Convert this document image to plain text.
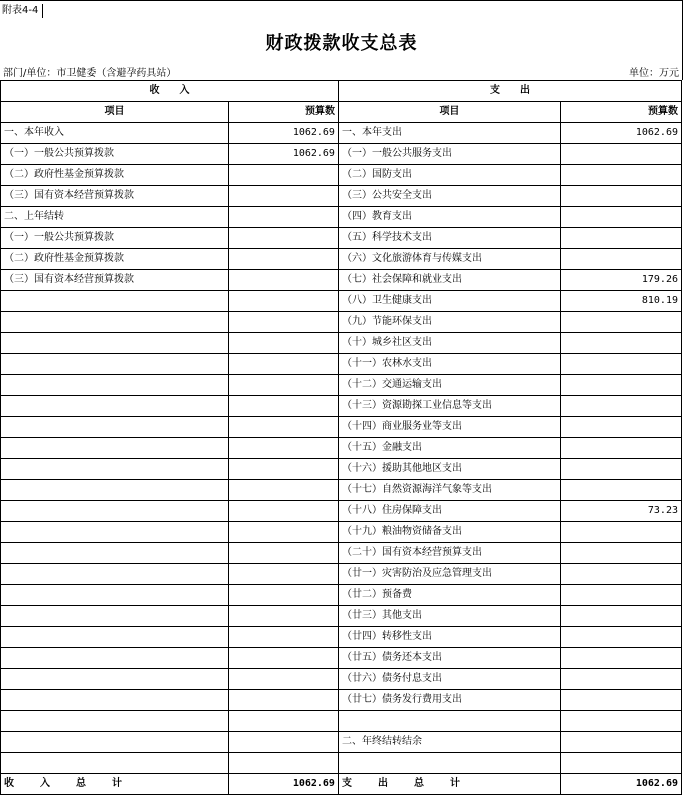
附表4-4
财政拨款收支总表
部门/单位：市卫健委（含避孕药具站）	单位：万元
收　　入		支　　出	
项目	预算数	项目	预算数
一、本年收入	1062.69	一、本年支出	1062.69
（一）一般公共预算拨款	1062.69	（一）一般公共服务支出	
（二）政府性基金预算拨款		（二）国防支出	
（三）国有资本经营预算拨款		（三）公共安全支出	
二、上年结转		（四）教育支出	
（一）一般公共预算拨款		（五）科学技术支出	
（二）政府性基金预算拨款		（六）文化旅游体育与传媒支出	
（三）国有资本经营预算拨款		（七）社会保障和就业支出	179.26
		（八）卫生健康支出	810.19
		（九）节能环保支出	
		（十）城乡社区支出	
		（十一）农林水支出	
		（十二）交通运输支出	
		（十三）资源勘探工业信息等支出	
		（十四）商业服务业等支出	
		（十五）金融支出	
		（十六）援助其他地区支出	
		（十七）自然资源海洋气象等支出	
		（十八）住房保障支出	73.23
		（十九）粮油物资储备支出	
		（二十）国有资本经营预算支出	
		（廿一）灾害防治及应急管理支出	
		（廿二）预备费	
		（廿三）其他支出	
		（廿四）转移性支出	
		（廿五）债务还本支出	
		（廿六）债务付息支出	
		（廿七）债务发行费用支出	

		二、年终结转结余	

收 入 总 计	1062.69	支 出 总 计	1062.69
